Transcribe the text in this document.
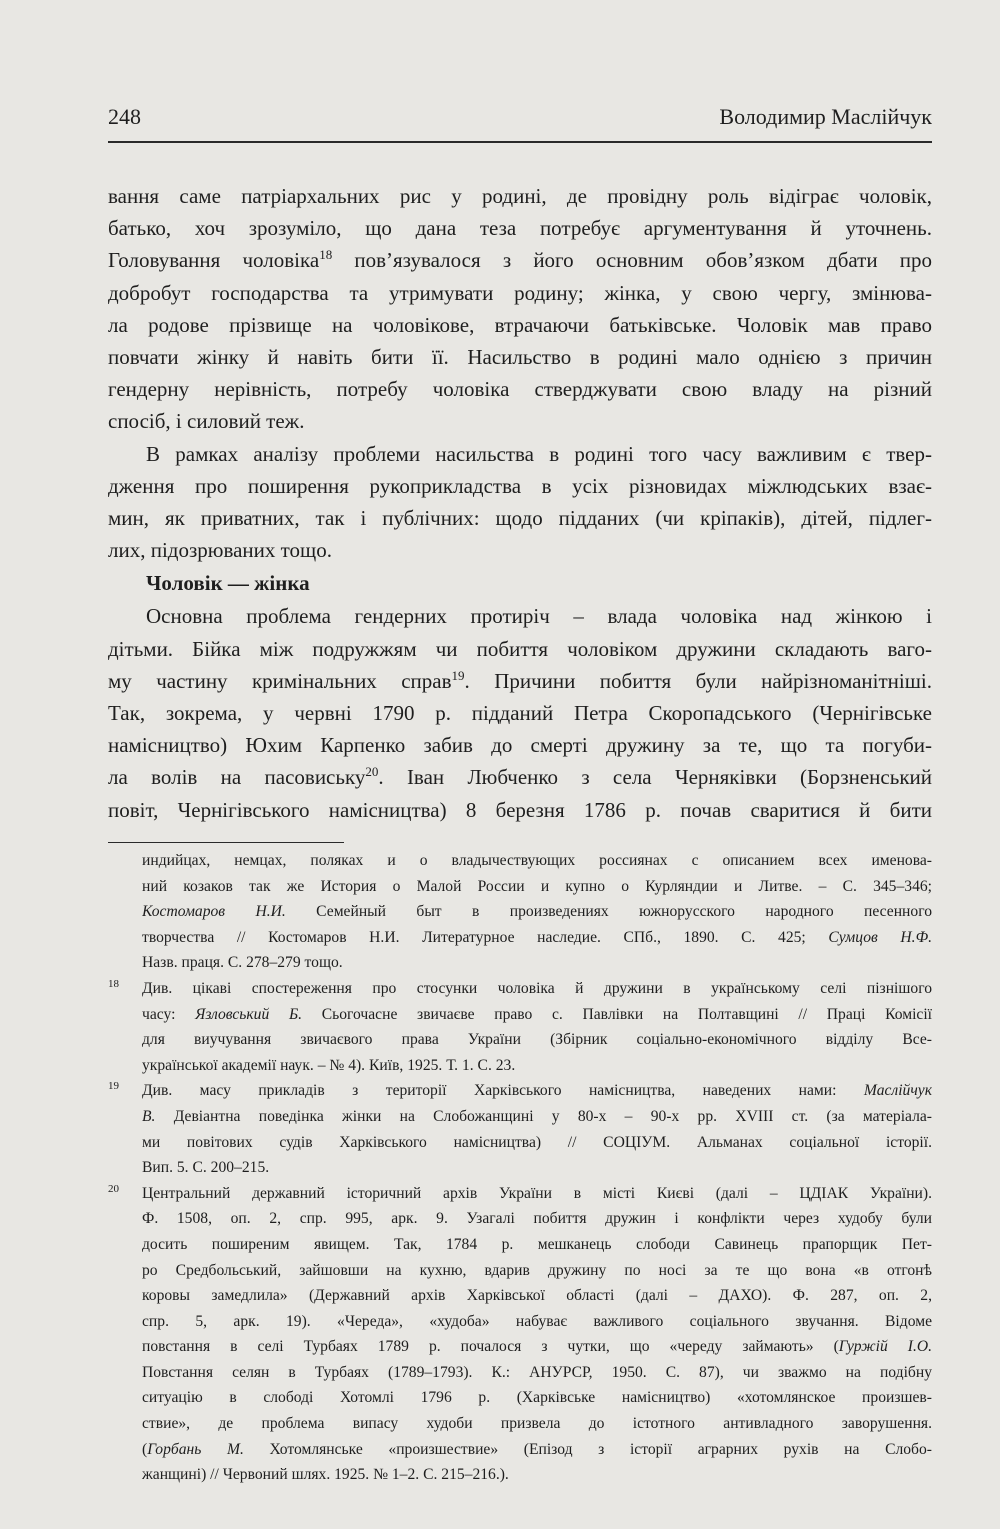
248	Володимир Маслійчук
вання саме патріархальних рис у родині, де провідну роль відіграє чоловік,
батько, хоч зрозуміло, що дана теза потребує аргументування й уточнень.
Головування чоловіка$^{18}$ пов’язувалося з його основним обов’язком дбати про
добробут господарства та утримувати родину; жінка, у свою чергу, змінюва-
ла родове прізвище на чоловікове, втрачаючи батьківське. Чоловік мав право
повчати жінку й навіть бити її. Насильство в родині мало однією з причин
гендерну нерівність, потребу чоловіка стверджувати свою владу на різний
спосіб, і силовий теж.
В рамках аналізу проблеми насильства в родині того часу важливим є твер-
дження про поширення рукоприкладства в усіх різновидах міжлюдських взає-
мин, як приватних, так і публічних: щодо підданих (чи кріпаків), дітей, підлег-
лих, підозрюваних тощо.
Чоловік — жінка
Основна проблема гендерних протиріч – влада чоловіка над жінкою і
дітьми. Бійка між подружжям чи побиття чоловіком дружини складають ваго-
му частину кримінальних справ$^{19}$. Причини побиття були найрізноманітніші.
Так, зокрема, у червні 1790 р. підданий Петра Скоропадського (Чернігівське
намісництво) Юхим Карпенко забив до смерті дружину за те, що та погуби-
ла волів на пасовиську$^{20}$. Іван Любченко з села Черняківки (Борзненський
повіт, Чернігівського намісництва) 8 березня 1786 р. почав сваритися й бити
индийцах, немцах, поляках и о владычествующих россиянах с описанием всех именова-
ний козаков так же История о Малой России и купно о Курляндии и Литве. – С. 345–346;
Костомаров Н.И. Семейный быт в произведениях южнорусского народного песенного
творчества // Костомаров Н.И. Литературное наследие. СПб., 1890. С. 425; Сумцов Н.Ф.
Назв. праця. С. 278–279 тощо.
18 Див. цікаві спостереження про стосунки чоловіка й дружини в українському селі пізнішого
часу: Язловський Б. Сьогочасне звичаєве право с. Павлівки на Полтавщині // Праці Комісії
для виучування звичаєвого права України (Збірник соціально-економічного відділу Все-
української академії наук. – № 4). Київ, 1925. Т. 1. С. 23.
19 Див. масу прикладів з території Харківського намісництва, наведених нами: Маслійчук
В. Девіантна поведінка жінки на Слобожанщині у 80-х – 90-х рр. XVIII ст. (за матеріала-
ми повітових судів Харківського намісництва) // СОЦІУМ. Альманах соціальної історії.
Вип. 5. С. 200–215.
20 Центральний державний історичний архів України в місті Києві (далі – ЦДІАК України).
Ф. 1508, оп. 2, спр. 995, арк. 9. Узагалі побиття дружин і конфлікти через худобу були
досить поширеним явищем. Так, 1784 р. мешканець слободи Савинець прапорщик Пет-
ро Средбольський, зайшовши на кухню, вдарив дружину по носі за те що вона «в отгонѣ
коровы замедлила» (Державний архів Харківської області (далі – ДАХО). Ф. 287, оп. 2,
спр. 5, арк. 19). «Череда», «худоба» набуває важливого соціального звучання. Відоме
повстання в селі Турбаях 1789 р. почалося з чутки, що «череду займають» (Гуржій І.О.
Повстання селян в Турбаях (1789–1793). К.: АНУРСР, 1950. С. 87), чи зважмо на подібну
ситуацію в слободі Хотомлі 1796 р. (Харківське намісництво) «хотомлянское произшев-
ствие», де проблема випасу худоби призвела до істотного антивладного заворушення.
(Горбань М. Хотомлянське «произшествие» (Епізод з історії аграрних рухів на Слобо-
жанщині) // Червоний шлях. 1925. № 1–2. С. 215–216.).
